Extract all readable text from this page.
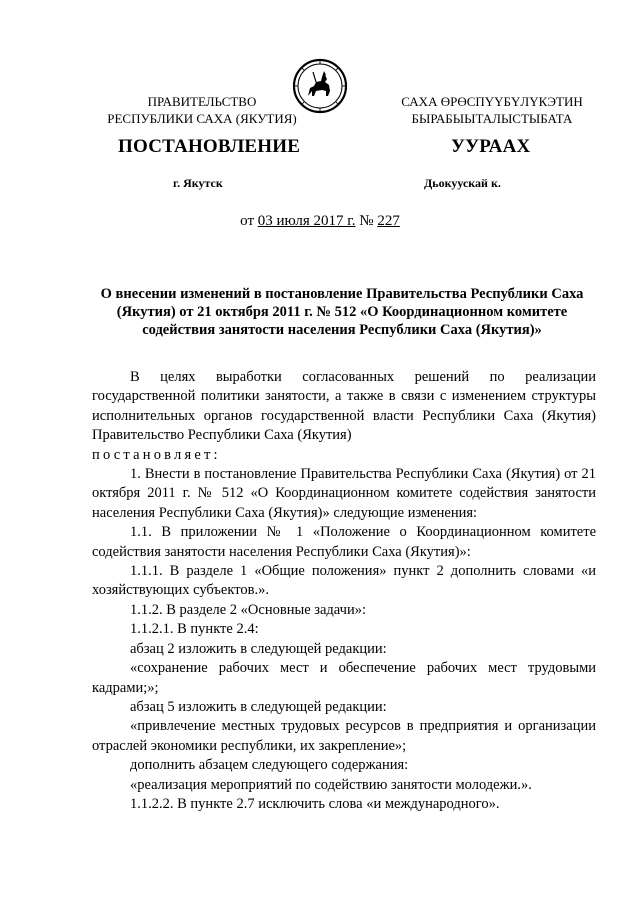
ПРАВИТЕЛЬСТВО
РЕСПУБЛИКИ САХА (ЯКУТИЯ)
САХА ӨРӨСПҮҮБҮЛҮКЭТИН
БЫРАБЫЫТАЛЫСТЫБАТА
ПОСТАНОВЛЕНИЕ	УУРААХ
г. Якутск	Дьокуускай к.
от 03 июля 2017 г. № 227
О внесении изменений в постановление Правительства Республики Саха (Якутия) от 21 октября 2011 г. № 512 «О Координационном комитете содействия занятости населения Республики Саха (Якутия)»

В целях выработки согласованных решений по реализации государственной политики занятости, а также в связи с изменением структуры исполнительных органов государственной власти Республики Саха (Якутия) Правительство Республики Саха (Якутия)

постановляет:

1. Внести в постановление Правительства Республики Саха (Якутия) от 21 октября 2011 г. № 512 «О Координационном комитете содействия занятости населения Республики Саха (Якутия)» следующие изменения:

1.1. В приложении № 1 «Положение о Координационном комитете содействия занятости населения Республики Саха (Якутия)»:

1.1.1. В разделе 1 «Общие положения» пункт 2 дополнить словами «и хозяйствующих субъектов.».

1.1.2. В разделе 2 «Основные задачи»:

1.1.2.1. В пункте 2.4:

абзац 2 изложить в следующей редакции:

«сохранение рабочих мест и обеспечение рабочих мест трудовыми кадрами;»;

абзац 5 изложить в следующей редакции:

«привлечение местных трудовых ресурсов в предприятия и организации отраслей экономики республики, их закрепление»;

дополнить абзацем следующего содержания:

«реализация мероприятий по содействию занятости молодежи.».

1.1.2.2. В пункте 2.7 исключить слова «и международного».
